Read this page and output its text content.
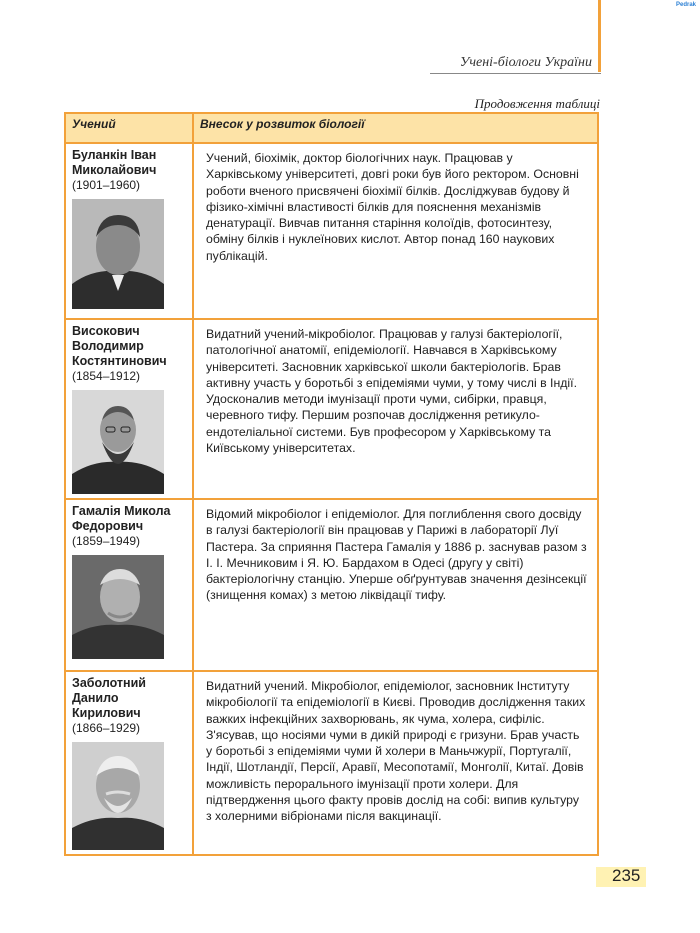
Pedrak
Учені-біологи України
Продовження таблиці
Учений	Внесок у розвиток біології

Буланкін Іван Миколайович
(1901–1960)	Учений, біохімік, доктор біологічних наук. Працював у Харківському університеті, довгі роки був його ректором. Основні роботи вченого присвячені біохімії білків. Досліджував будову й фізико-хімічні властивості білків для пояснення механізмів денатурації. Вивчав питання старіння колоїдів, фотосинтезу, обміну білків і нуклеїнових кислот. Автор понад 160 наукових публікацій.

Високович Володимир Костянтинович
(1854–1912)	Видатний учений-мікробіолог. Працював у галузі бактеріології, патологічної анатомії, епідеміології. Навчався в Харківському університеті. Засновник харківської школи бактеріологів. Брав активну участь у боротьбі з епідеміями чуми, у тому числі в Індії. Удосконалив методи імунізації проти чуми, сибірки, правця, черевного тифу. Першим розпочав дослідження ретикуло-ендотеліальної системи. Був професором у Харківському та Київському університетах.

Гамалія Микола Федорович
(1859–1949)	Відомий мікробіолог і епідеміолог. Для поглиблення свого досвіду в галузі бактеріології він працював у Парижі в лабораторії Луї Пастера. За сприяння Пастера Гамалія у 1886 р. заснував разом з І. І. Мечниковим і Я. Ю. Бардахом в Одесі (другу у світі) бактеріологічну станцію. Уперше обґрунтував значення дезінсекції (знищення комах) з метою ліквідації тифу.

Заболотний Данило Кирилович
(1866–1929)	Видатний учений. Мікробіолог, епідеміолог, засновник Інституту мікробіології та епідеміології в Києві. Проводив дослідження таких важких інфекційних захворювань, як чума, холера, сифіліс. З'ясував, що носіями чуми в дикій природі є гризуни. Брав участь у боротьбі з епідеміями чуми й холери в Маньчжурії, Португалії, Індії, Шотландії, Персії, Аравії, Месопотамії, Монголії, Китаї. Довів можливість перорального імунізації проти холери. Для підтвердження цього факту провів дослід на собі: випив культуру з холерними вібріонами після вакцинації.
235
